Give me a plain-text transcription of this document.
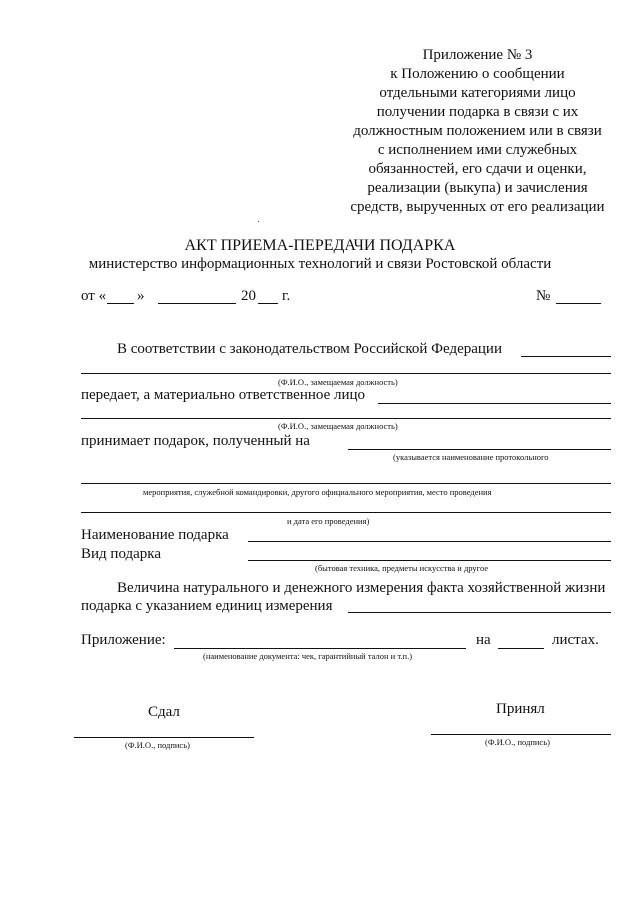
Приложение № 3
к Положению о сообщении
отдельными категориями лицо
получении подарка в связи с их
должностным положением или в связи
с исполнением ими служебных
обязанностей, его сдачи и оценки,
реализации (выкупа) и зачисления
средств, вырученных от его реализации
АКТ ПРИЕМА-ПЕРЕДАЧИ ПОДАРКА
министерство информационных технологий и связи Ростовской области
от « »	20 г.	№
В соответствии с законодательством Российской Федерации
(Ф.И.О., замещаемая должность)
передает, а материально ответственное лицо
(Ф.И.О., замещаемая должность)
принимает подарок, полученный на
(указывается наименование протокольного
мероприятия, служебной командировки, другого официального мероприятия, место проведения
и дата его проведения)
Наименование подарка
Вид подарка
(бытовая техника, предметы искусства и другое
Величина натурального и денежного измерения факта хозяйственной жизни
подарка с указанием единиц измерения
Приложение:	на	листах.
(наименование документа: чек, гарантийный талон и т.п.)
Сдал	Принял
(Ф.И.О., подпись)	(Ф.И.О., подпись)
